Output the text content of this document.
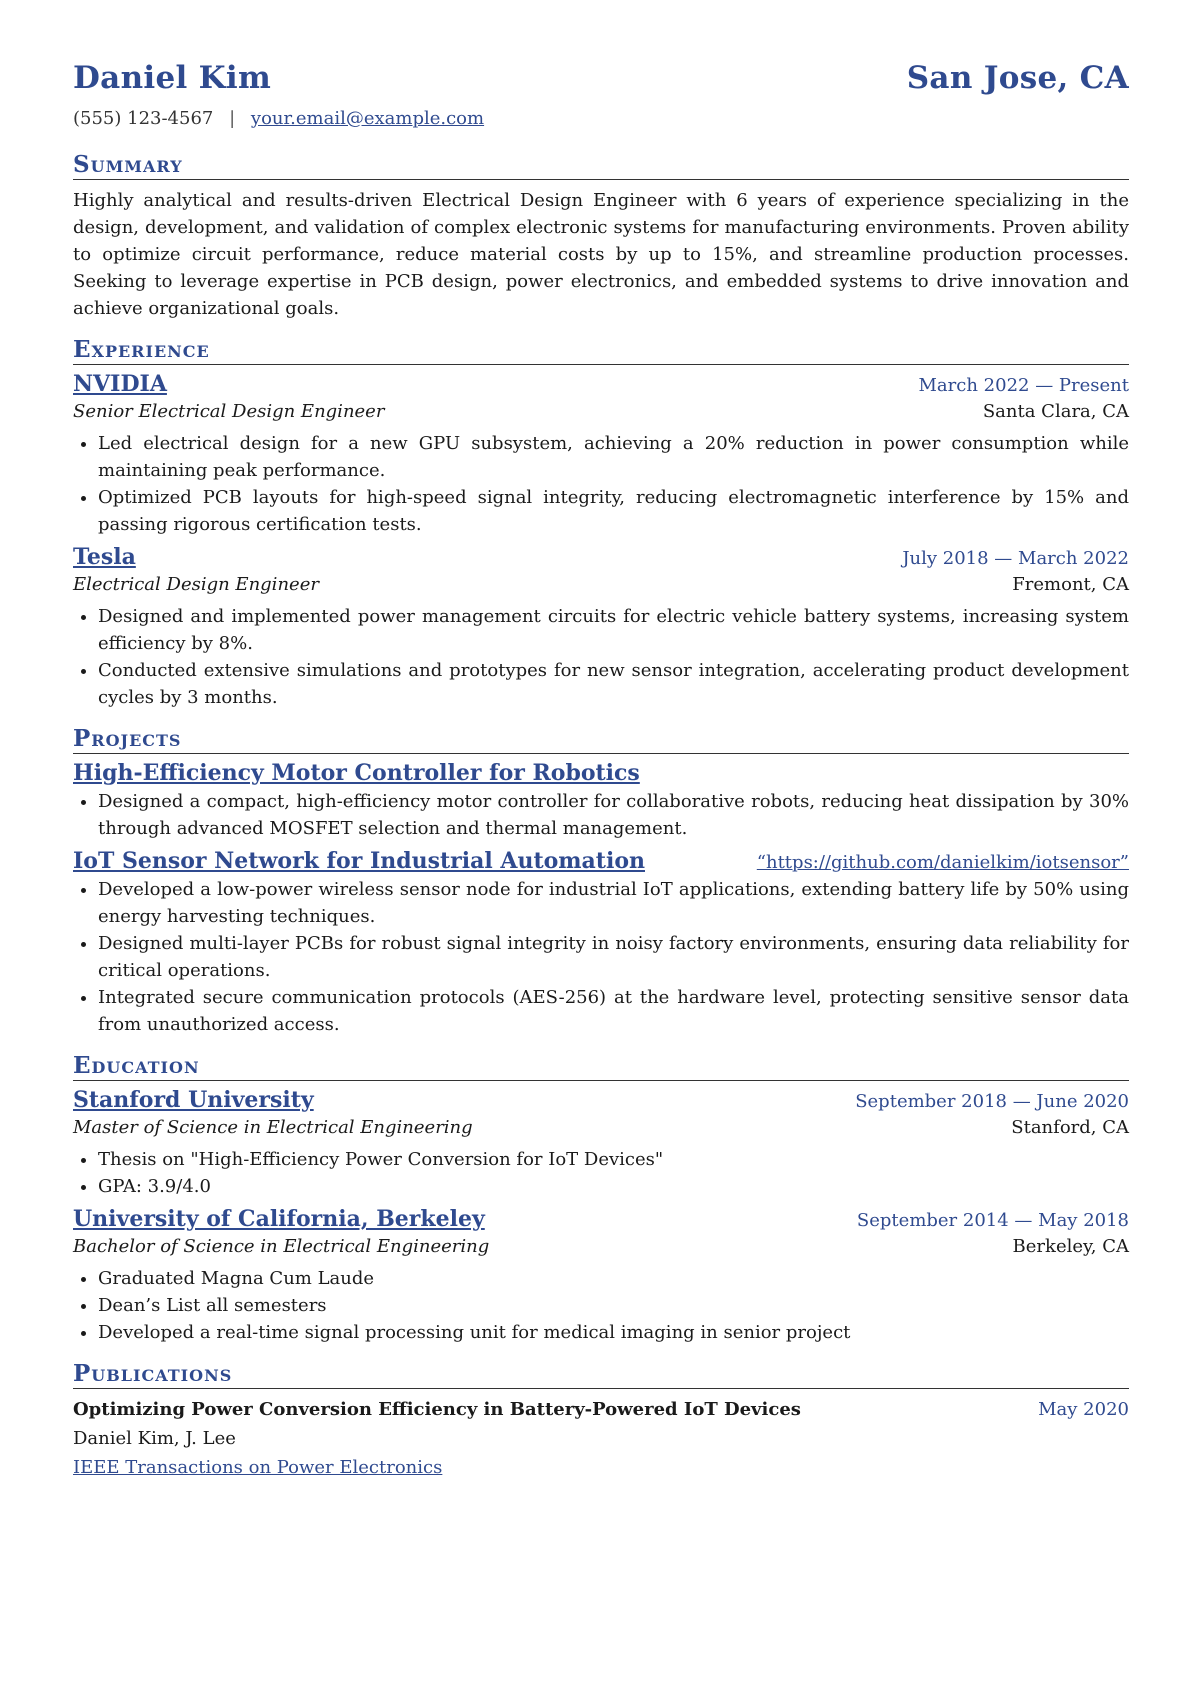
Daniel Kim	San Jose, CA
(555) 123-4567 | your.email@example.com
Summary
Highly analytical and results-driven Electrical Design Engineer with 6 years of experience specializing in the design, development, and validation of complex electronic systems for manufacturing environments. Proven ability to optimize circuit performance, reduce material costs by up to 15%, and streamline production processes. Seeking to leverage expertise in PCB design, power electronics, and embedded systems to drive innovation and achieve organizational goals.
Experience
NVIDIA	March 2022 — Present
Senior Electrical Design Engineer	Santa Clara, CA
• Led electrical design for a new GPU subsystem, achieving a 20% reduction in power consumption while maintaining peak performance.
• Optimized PCB layouts for high-speed signal integrity, reducing electromagnetic interference by 15% and passing rigorous certification tests.
Tesla	July 2018 — March 2022
Electrical Design Engineer	Fremont, CA
• Designed and implemented power management circuits for electric vehicle battery systems, increasing system efficiency by 8%.
• Conducted extensive simulations and prototypes for new sensor integration, accelerating product development cycles by 3 months.
Projects
High-Efficiency Motor Controller for Robotics
• Designed a compact, high-efficiency motor controller for collaborative robots, reducing heat dissipation by 30% through advanced MOSFET selection and thermal management.
IoT Sensor Network for Industrial Automation	“https://github.com/danielkim/iotsensor”
• Developed a low-power wireless sensor node for industrial IoT applications, extending battery life by 50% using energy harvesting techniques.
• Designed multi-layer PCBs for robust signal integrity in noisy factory environments, ensuring data reliability for critical operations.
• Integrated secure communication protocols (AES-256) at the hardware level, protecting sensitive sensor data from unauthorized access.
Education
Stanford University	September 2018 — June 2020
Master of Science in Electrical Engineering	Stanford, CA
• Thesis on "High-Efficiency Power Conversion for IoT Devices"
• GPA: 3.9/4.0
University of California, Berkeley	September 2014 — May 2018
Bachelor of Science in Electrical Engineering	Berkeley, CA
• Graduated Magna Cum Laude
• Dean’s List all semesters
• Developed a real-time signal processing unit for medical imaging in senior project
Publications
Optimizing Power Conversion Efficiency in Battery-Powered IoT Devices	May 2020
Daniel Kim, J. Lee
IEEE Transactions on Power Electronics
